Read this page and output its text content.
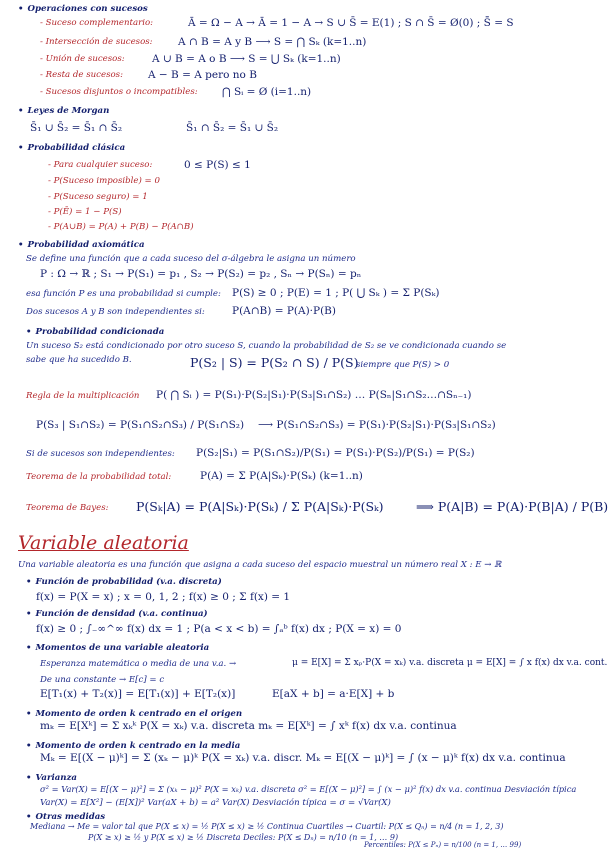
• Operaciones con sucesos
- Suceso complementario:	Ā = Ω − A → Ā = 1 − A → S ∪ S̄ = E(1) ; S ∩ S̄ = Ø(0) ; S̄̄ = S
- Intersección de sucesos: A ∩ B = A y B ⟶ S = ⋂ Sₖ (k=1..n)
- Unión de sucesos:	A ∪ B = A o B ⟶ S = ⋃ Sₖ (k=1..n)
- Resta de sucesos: A − B = A pero no B
- Sucesos disjuntos o incompatibles: ⋂ Sᵢ = Ø (i=1..n)
• Leyes de Morgan
S̄₁ ∪ S̄₂ = S̄₁ ∩ S̄₂	S̄₁ ∩ S̄₂ = S̄₁ ∪ S̄₂
• Probabilidad clásica
- Para cualquier suceso:	0 ≤ P(S) ≤ 1
- P(Suceso imposible) = 0
- P(Suceso seguro) = 1
- P(Ē) = 1 − P(S)
- P(A∪B) = P(A) + P(B) − P(A∩B)
• Probabilidad axiomática
Se define una función que a cada suceso del σ-álgebra le asigna un número
P : Ω → ℝ ; S₁ → P(S₁) = p₁ , S₂ → P(S₂) = p₂ , Sₙ → P(Sₙ) = pₙ
esa función P es una probabilidad si cumple: P(S) ≥ 0 ; P(E) = 1 ; P( ⋃ Sₖ ) = Σ P(Sₖ)
Dos sucesos A y B son independientes si:	P(A∩B) = P(A)·P(B)
• Probabilidad condicionada
Un suceso S₂ está condicionado por otro suceso S, cuando la probabilidad de S₂ se ve condicionada cuando se
sabe que ha sucedido B.	P(S₂ | S) = P(S₂ ∩ S) / P(S)
siempre que P(S) > 0
Regla de la multiplicación P( ⋂ Sᵢ ) = P(S₁)·P(S₂|S₁)·P(S₃|S₁∩S₂) … P(Sₙ|S₁∩S₂…∩Sₙ₋₁)
P(S₃ | S₁∩S₂) = P(S₁∩S₂∩S₃) / P(S₁∩S₂) ⟶ P(S₁∩S₂∩S₃) = P(S₁)·P(S₂|S₁)·P(S₃|S₁∩S₂)
Si de sucesos son independientes: P(S₂|S₁) = P(S₁∩S₂)/P(S₁) = P(S₁)·P(S₂)/P(S₁) = P(S₂)
Teorema de la probabilidad total:	P(A) = Σ P(A|Sₖ)·P(Sₖ) (k=1..n)
Teorema de Bayes: P(Sₖ|A) = P(A|Sₖ)·P(Sₖ) / Σ P(A|Sₖ)·P(Sₖ)	⟹ P(A|B) = P(A)·P(B|A) / P(B)
Variable aleatoria
Una variable aleatoria es una función que asigna a cada suceso del espacio muestral un número real X : E → ℝ
• Función de probabilidad (v.a. discreta)
f(x) = P(X = x) ; x = 0, 1, 2 ; f(x) ≥ 0 ; Σ f(x) = 1
• Función de densidad (v.a. continua)
f(x) ≥ 0 ; ∫₋∞^∞ f(x) dx = 1 ; P(a < x < b) = ∫ₐᵇ f(x) dx ; P(X = x) = 0
• Momentos de una variable aleatoria
Esperanza matemática o media de una v.a. →	μ = E[X] = Σ xₚ·P(X = xₖ) v.a. discreta μ = E[X] = ∫ x f(x) dx v.a. cont.
De una constante → E[c] = c
E[T₁(x) + T₂(x)] = E[T₁(x)] + E[T₂(x)]	E[aX + b] = a·E[X] + b
• Momento de orden k centrado en el origen
mₖ = E[Xᵏ] = Σ xₖᵏ P(X = xₖ) v.a. discreta mₖ = E[Xᵏ] = ∫ xᵏ f(x) dx v.a. continua
• Momento de orden k centrado en la media
Mₖ = E[(X − μ)ᵏ] = Σ (xₖ − μ)ᵏ P(X = xₖ) v.a. discr. Mₖ = E[(X − μ)ᵏ] = ∫ (x − μ)ᵏ f(x) dx v.a. continua
• Varianza
σ² = Var(X) = E[(X − μ)²] = Σ (xₖ − μ)² P(X = xₖ) v.a. discreta σ² = E[(X − μ)²] = ∫ (x − μ)² f(x) dx v.a. continua Desviación típica
Var(X) = E[X²] − (E[X])² Var(aX + b) = a² Var(X) Desviación típica = σ = √Var(X)
• Otras medidas
Mediana → Me = valor tal que P(X ≤ x) = ½ P(X ≤ x) ≥ ½ Continua Cuartiles → Cuartil: P(X ≤ Qₙ) = n/4 (n = 1, 2, 3)
P(X ≥ x) ≥ ½ y P(X ≤ x) ≥ ½ Discreta Deciles: P(X ≤ Dₙ) = n/10 (n = 1, … 9)
Percentiles: P(X ≤ Pₙ) = n/100 (n = 1, … 99)
